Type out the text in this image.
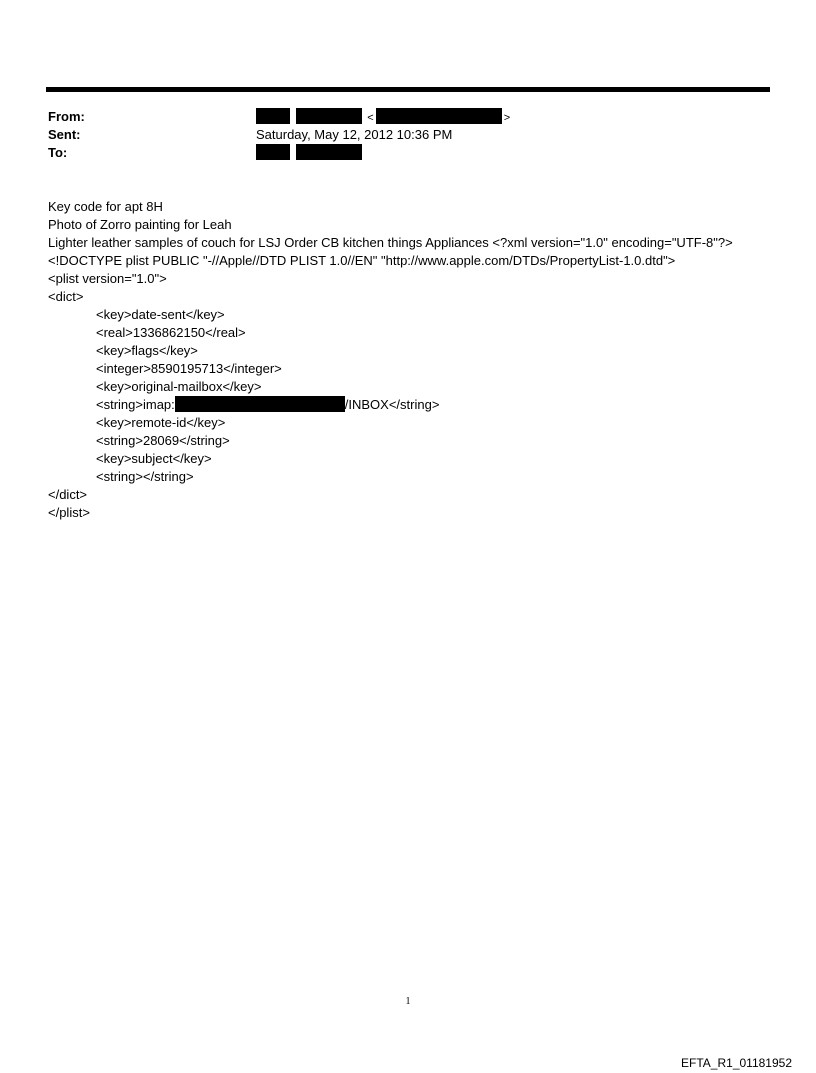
From:	<	>
Sent:	Saturday, May 12, 2012 10:36 PM
To:

Key code for apt 8H
Photo of Zorro painting for Leah
Lighter leather samples of couch for LSJ Order CB kitchen things Appliances <?xml version="1.0" encoding="UTF-8"?>
<!DOCTYPE plist PUBLIC "-//Apple//DTD PLIST 1.0//EN" "http://www.apple.com/DTDs/PropertyList-1.0.dtd">
<plist version="1.0">
<dict>
<key>date-sent</key>
<real>1336862150</real>
<key>flags</key>
<integer>8590195713</integer>
<key>original-mailbox</key>
<string>imap:	/INBOX</string>
<key>remote-id</key>
<string>28069</string>
<key>subject</key>
<string></string>
</dict>
</plist>
1
EFTA_R1_01181952
